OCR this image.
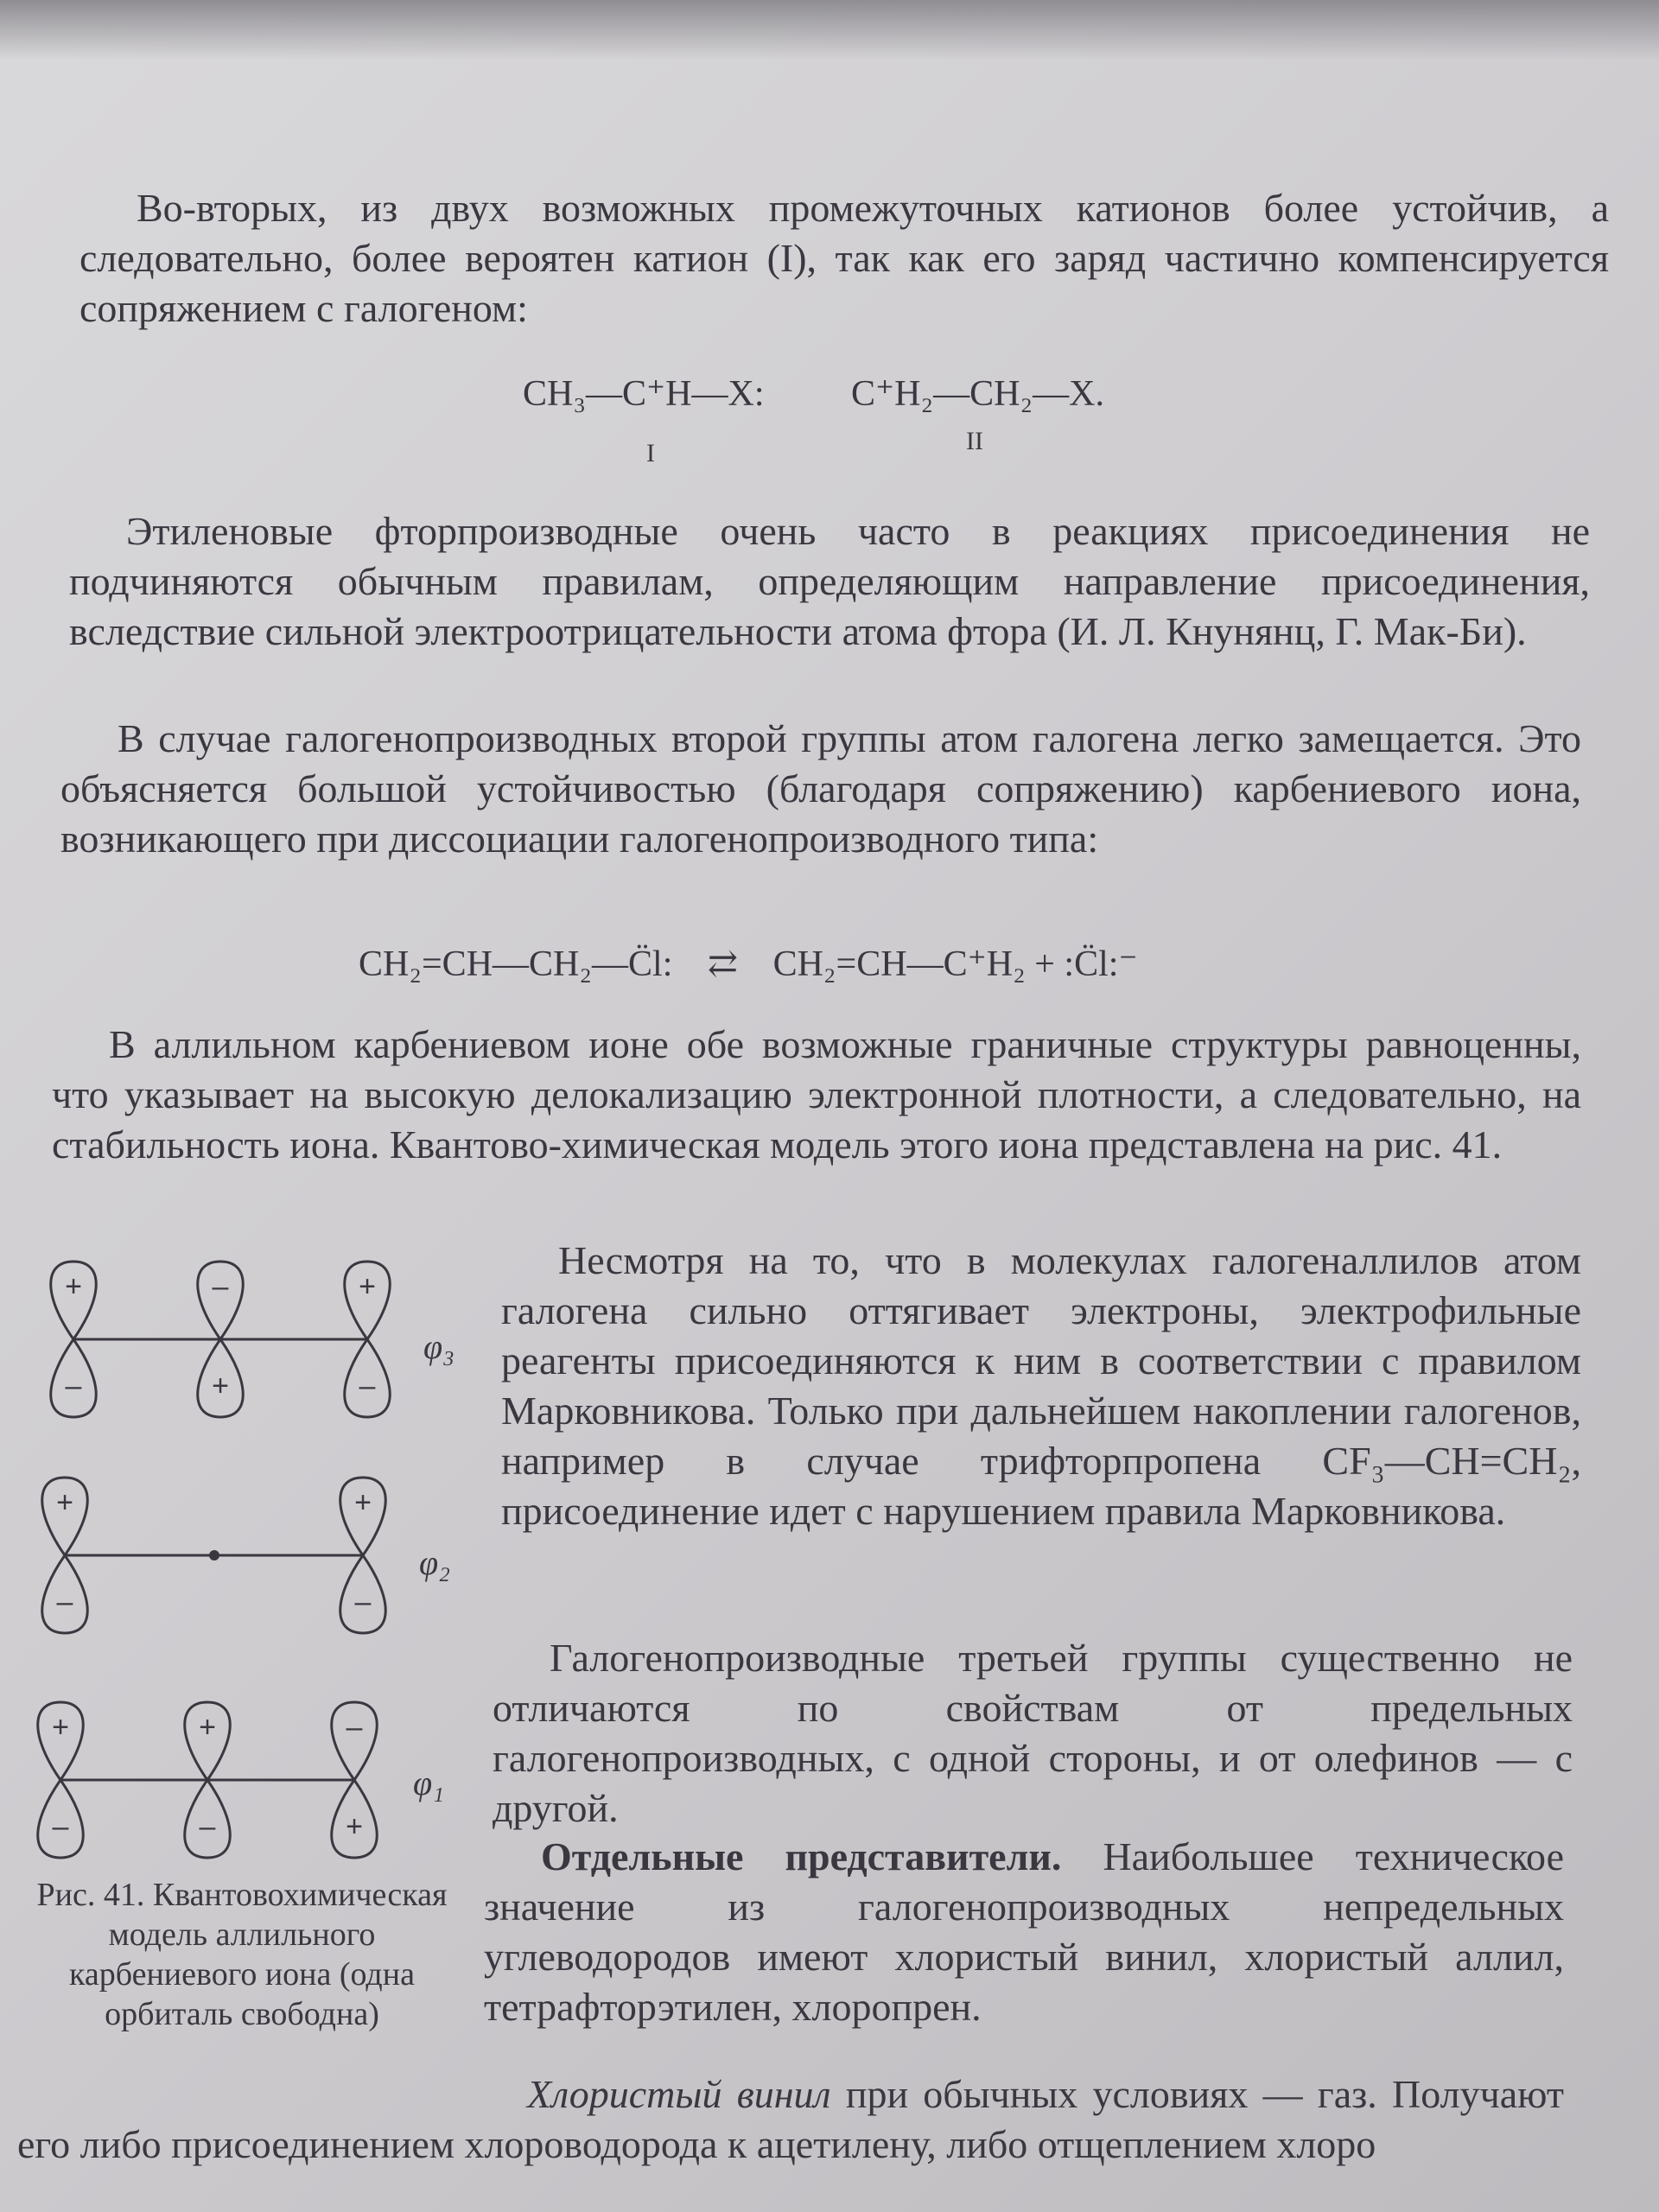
Во-вторых, из двух возможных промежуточных катионов более устойчив, а следовательно, более вероятен катион (I), так как его заряд частично компенсируется сопряжением с галогеном:

CH₃—C⁺H—X:
I
C⁺H₂—CH₂—X.
II

Этиленовые фторпроизводные очень часто в реакциях присоединения не подчиняются обычным правилам, определяющим направление присоединения, вследствие сильной электроотрицательности атома фтора (И. Л. Кнунянц, Г. Мак-Би).

В случае галогенопроизводных второй группы атом галогена легко замещается. Это объясняется большой устойчивостью (благодаря сопряжению) карбениевого иона, возникающего при диссоциации галогенопроизводного типа:

CH₂=CH—CH₂—C̈l: ⇄ CH₂=CH—C⁺H₂ + :C̈l:⁻

В аллильном карбениевом ионе обе возможные граничные структуры равноценны, что указывает на высокую делокализацию электронной плотности, а следовательно, на стабильность иона. Квантово-химическая модель этого иона представлена на рис. 41.

+
–
–
+
+
–
+
–
+
–
+
–
+
–
–
+
φ₃
φ₂
φ₁
Рис. 41. Квантовохимическая модель аллильного карбениевого иона (одна орбиталь свободна)

Несмотря на то, что в молекулах галогеналлилов атом галогена сильно оттягивает электроны, электрофильные реагенты присоединяются к ним в соответствии с правилом Марковникова. Только при дальнейшем накоплении галогенов, например в случае трифторпропена CF₃—CH=CH₂, присоединение идет с нарушением правила Марковникова.

Галогенопроизводные третьей группы существенно не отличаются по свойствам от предельных галогенопроизводных, с одной стороны, и от олефинов — с другой.

Отдельные представители. Наибольшее техническое значение из галогенопроизводных непредельных углеводородов имеют хлористый винил, хлористый аллил, тетрафторэтилен, хлоропрен.

Хлористый винил при обычных условиях — газ. Получают его либо присоединением хлороводорода к ацетилену, либо отщеплением хлоро
